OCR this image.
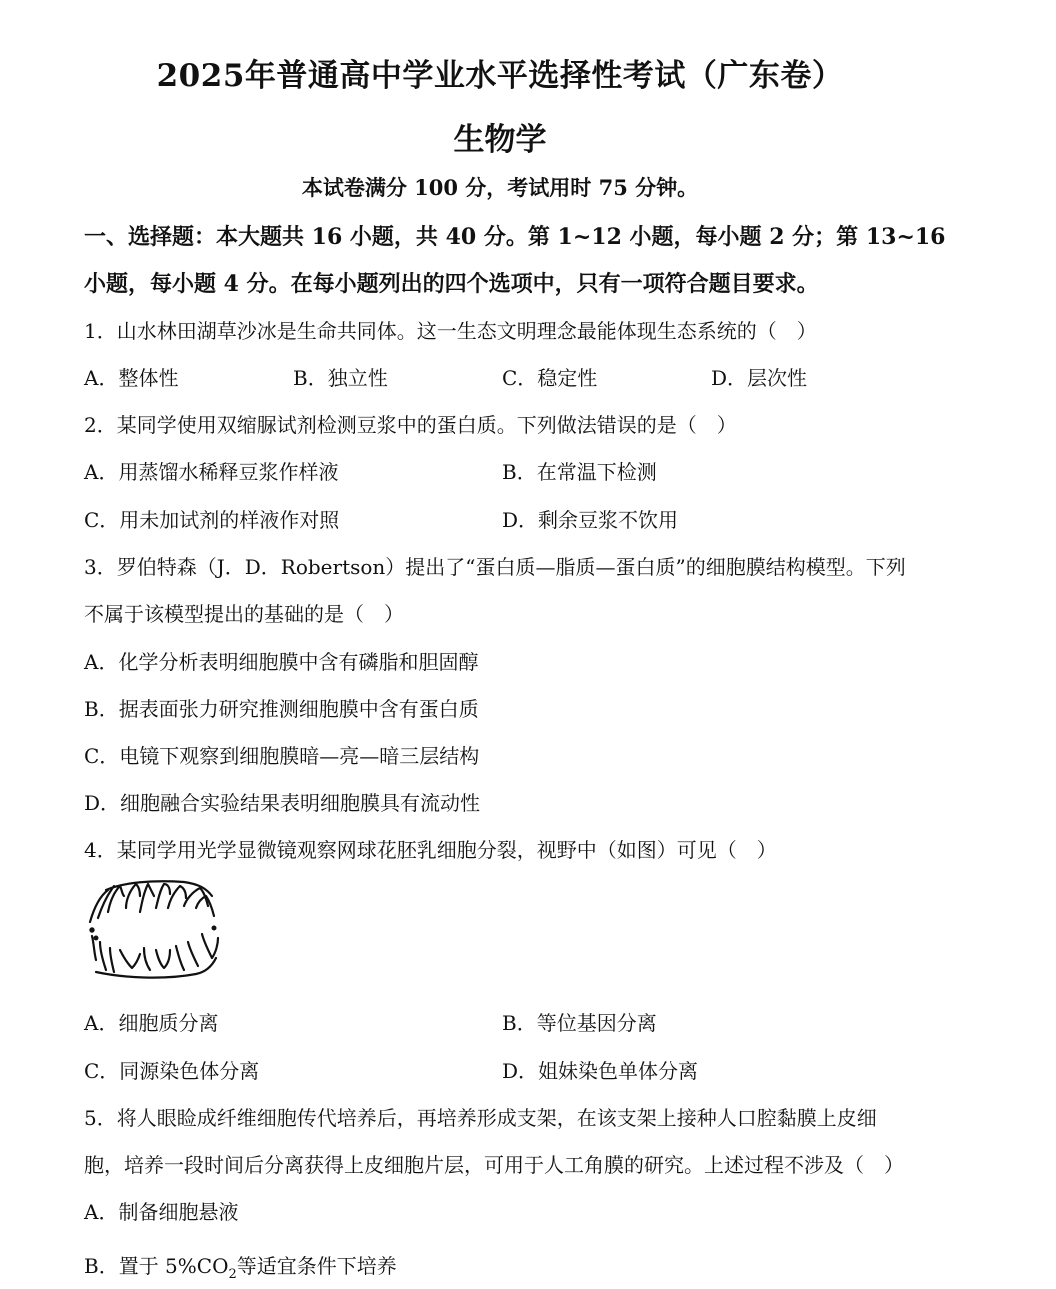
2025年普通高中学业水平选择性考试（广东卷）
生物学
本试卷满分 100 分，考试用时 75 分钟。
一、选择题：本大题共 16 小题，共 40 分。第 1~12 小题，每小题 2 分；第 13~16
小题，每小题 4 分。在每小题列出的四个选项中，只有一项符合题目要求。
1．山水林田湖草沙冰是生命共同体。这一生态文明理念最能体现生态系统的（　）
A．整体性	B．独立性	C．稳定性	D．层次性
2．某同学使用双缩脲试剂检测豆浆中的蛋白质。下列做法错误的是（　）
A．用蒸馏水稀释豆浆作样液	B．在常温下检测
C．用未加试剂的样液作对照	D．剩余豆浆不饮用
3．罗伯特森（J．D．Robertson）提出了“蛋白质—脂质—蛋白质”的细胞膜结构模型。下列
不属于该模型提出的基础的是（　）
A．化学分析表明细胞膜中含有磷脂和胆固醇
B．据表面张力研究推测细胞膜中含有蛋白质
C．电镜下观察到细胞膜暗—亮—暗三层结构
D．细胞融合实验结果表明细胞膜具有流动性
4．某同学用光学显微镜观察网球花胚乳细胞分裂，视野中（如图）可见（　）
A．细胞质分离	B．等位基因分离
C．同源染色体分离	D．姐妹染色单体分离
5．将人眼睑成纤维细胞传代培养后，再培养形成支架，在该支架上接种人口腔黏膜上皮细
胞，培养一段时间后分离获得上皮细胞片层，可用于人工角膜的研究。上述过程不涉及（　）
A．制备细胞悬液
B．置于 $5\%CO_2$等适宜条件下培养
